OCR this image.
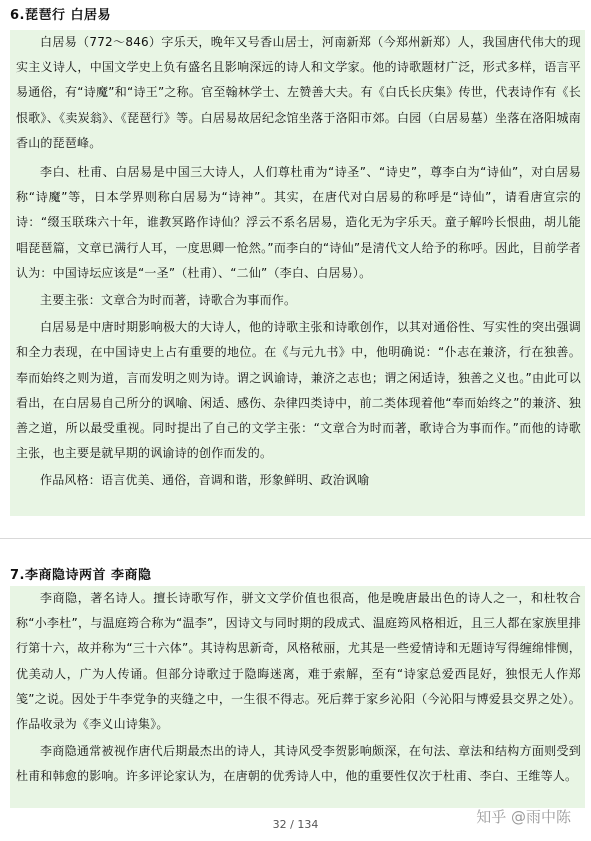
6.琵琶行 白居易

白居易（772～846）字乐天，晚年又号香山居士，河南新郑（今郑州新郑）人，我国唐代伟大的现实主义诗人，中国文学史上负有盛名且影响深远的诗人和文学家。他的诗歌题材广泛，形式多样，语言平易通俗，有“诗魔”和“诗王”之称。官至翰林学士、左赞善大夫。有《白氏长庆集》传世，代表诗作有《长恨歌》、《卖炭翁》、《琵琶行》等。白居易故居纪念馆坐落于洛阳市郊。白园（白居易墓）坐落在洛阳城南香山的琵琶峰。

李白、杜甫、白居易是中国三大诗人，人们尊杜甫为“诗圣”、“诗史”，尊李白为“诗仙”，对白居易称“诗魔”等，日本学界则称白居易为“诗神”。其实，在唐代对白居易的称呼是“诗仙”，请看唐宣宗的诗：“缀玉联珠六十年，谁教冥路作诗仙？浮云不系名居易，造化无为字乐天。童子解吟长恨曲，胡儿能唱琵琶篇，文章已满行人耳，一度思卿一怆然。”而李白的“诗仙”是清代文人给予的称呼。因此，目前学者认为：中国诗坛应该是“一圣”（杜甫）、“二仙”（李白、白居易）。

主要主张：文章合为时而著，诗歌合为事而作。

白居易是中唐时期影响极大的大诗人，他的诗歌主张和诗歌创作，以其对通俗性、写实性的突出强调和全力表现，在中国诗史上占有重要的地位。在《与元九书》中，他明确说：“仆志在兼济，行在独善。奉而始终之则为道，言而发明之则为诗。谓之讽谕诗，兼济之志也；谓之闲适诗，独善之义也。”由此可以看出，在白居易自己所分的讽喻、闲适、感伤、杂律四类诗中，前二类体现着他“奉而始终之”的兼济、独善之道，所以最受重视。同时提出了自己的文学主张：“文章合为时而著，歌诗合为事而作。”而他的诗歌主张，也主要是就早期的讽谕诗的创作而发的。

作品风格：语言优美、通俗，音调和谐，形象鲜明、政治讽喻

7.李商隐诗两首 李商隐

李商隐，著名诗人。擅长诗歌写作，骈文文学价值也很高，他是晚唐最出色的诗人之一，和杜牧合称“小李杜”，与温庭筠合称为“温李”，因诗文与同时期的段成式、温庭筠风格相近，且三人都在家族里排行第十六，故并称为“三十六体”。其诗构思新奇，风格秾丽，尤其是一些爱情诗和无题诗写得缠绵悱恻，优美动人，广为人传诵。但部分诗歌过于隐晦迷离，难于索解，至有“诗家总爱西昆好，独恨无人作郑笺”之说。因处于牛李党争的夹缝之中，一生很不得志。死后葬于家乡沁阳（今沁阳与博爱县交界之处）。作品收录为《李义山诗集》。

李商隐通常被视作唐代后期最杰出的诗人，其诗风受李贺影响颇深，在句法、章法和结构方面则受到杜甫和韩愈的影响。许多评论家认为，在唐朝的优秀诗人中，他的重要性仅次于杜甫、李白、王维等人。

知乎 @雨中陈
32 / 134
